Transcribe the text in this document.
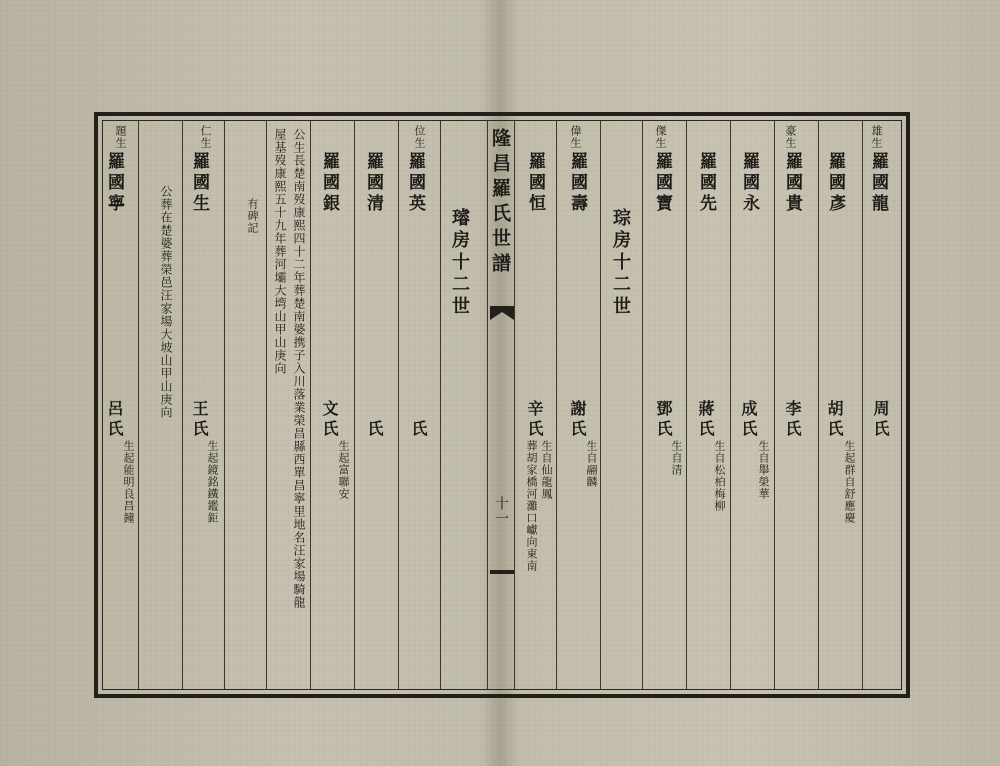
隆昌羅氏世譜
十一
琮房十二世
璿房十二世
雄生
羅國龍
周氏
羅國彥
胡氏
生起群自舒應慶
豪生
羅國貴
李氏
羅國永
成氏
生自舉榮華
羅國先
蔣氏
生自松柏梅柳
傑生
羅國寶
鄧氏
生自清
偉生
羅國壽
謝氏
生自翮麟
羅國恒
辛氏
生自仙龍鳳
葬胡家橋河灘口巘向東南
位生
羅國英
氏
羅國清
氏
羅國銀
文氏
生起富聯安
公生長楚南歿康熙四十二年葬楚南婆携子入川落業榮昌縣西單昌寧里地名汪家場騎龍
屋基歿康熙五十九年葬河壩大塆山甲山庚向
有碑記
仁生
羅國生
王氏
生起鏡銘鐵鑑鉅
公葬在楚婆葬榮邑汪家場大坡山甲山庚向
題生
羅國寧
呂氏
生起能明良昌鐘
